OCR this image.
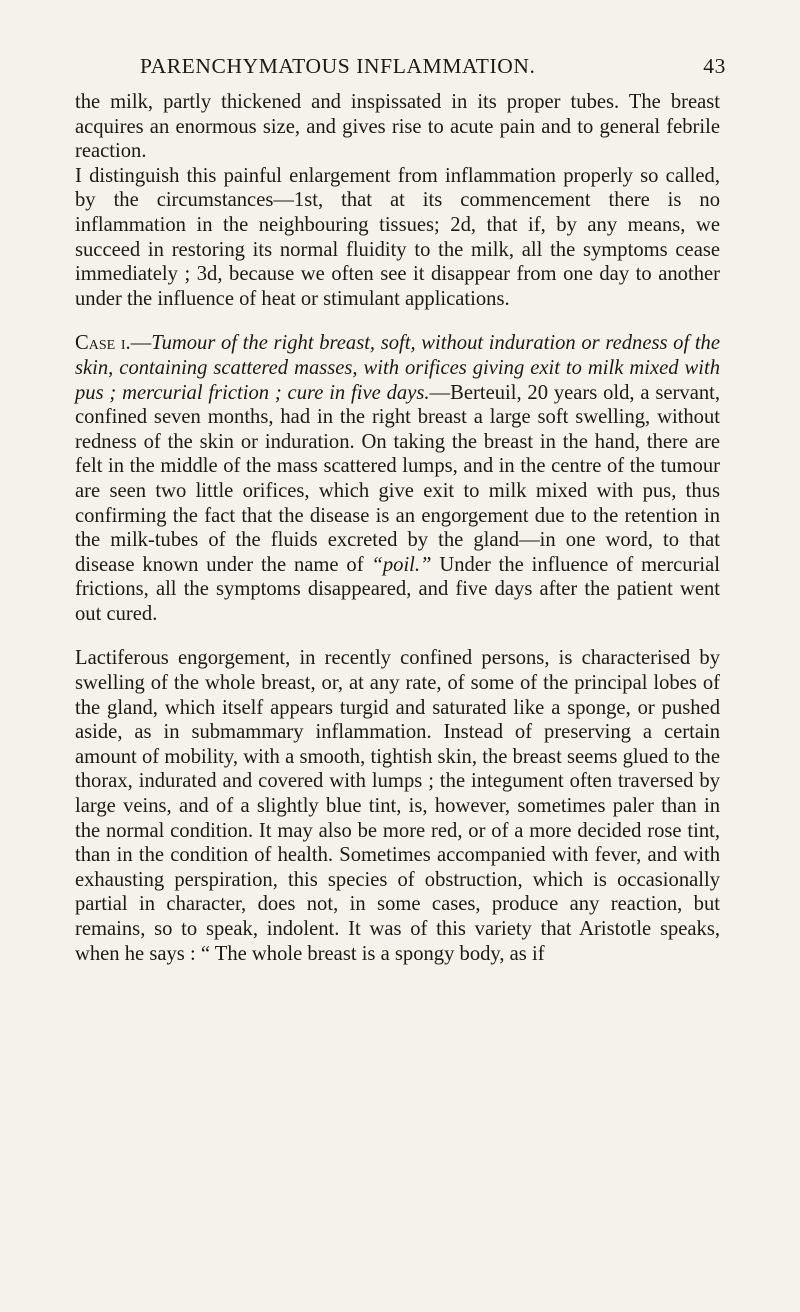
PARENCHYMATOUS INFLAMMATION.	43

the milk, partly thickened and inspissated in its proper tubes. The breast acquires an enormous size, and gives rise to acute pain and to general febrile reaction.

I distinguish this painful enlargement from inflammation properly so called, by the circumstances—1st, that at its commencement there is no inflammation in the neighbouring tissues; 2d, that if, by any means, we succeed in restoring its normal fluidity to the milk, all the symptoms cease immediately ; 3d, because we often see it disappear from one day to another under the influence of heat or stimulant applications.

Case i.—Tumour of the right breast, soft, without induration or redness of the skin, containing scattered masses, with orifices giving exit to milk mixed with pus ; mercurial friction ; cure in five days.—Berteuil, 20 years old, a servant, confined seven months, had in the right breast a large soft swelling, without redness of the skin or induration. On taking the breast in the hand, there are felt in the middle of the mass scattered lumps, and in the centre of the tumour are seen two little orifices, which give exit to milk mixed with pus, thus confirming the fact that the disease is an engorgement due to the retention in the milk-tubes of the fluids excreted by the gland—in one word, to that disease known under the name of “poil.” Under the influence of mercurial frictions, all the symptoms disappeared, and five days after the patient went out cured.

Lactiferous engorgement, in recently confined persons, is characterised by swelling of the whole breast, or, at any rate, of some of the principal lobes of the gland, which itself appears turgid and saturated like a sponge, or pushed aside, as in submammary inflammation. Instead of preserving a certain amount of mobility, with a smooth, tightish skin, the breast seems glued to the thorax, indurated and covered with lumps ; the integument often traversed by large veins, and of a slightly blue tint, is, however, sometimes paler than in the normal condition. It may also be more red, or of a more decided rose tint, than in the condition of health. Sometimes accompanied with fever, and with exhausting perspiration, this species of obstruction, which is occasionally partial in character, does not, in some cases, produce any reaction, but remains, so to speak, indolent. It was of this variety that Aristotle speaks, when he says : “ The whole breast is a spongy body, as if
